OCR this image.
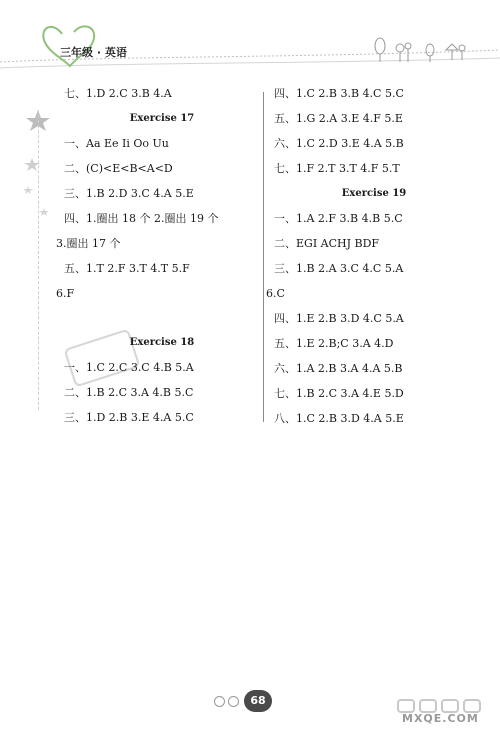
三年级 · 英语
七、1.D 2.C 3.B 4.A
Exercise 17
一、Aa Ee Ii Oo Uu
二、(C)<E<B<A<D
三、1.B 2.D 3.C 4.A 5.E
四、1.圈出 18 个 2.圈出 19 个
3.圈出 17 个
五、1.T 2.F 3.T 4.T 5.F
6.F
Exercise 18
一、1.C 2.C 3.C 4.B 5.A
二、1.B 2.C 3.A 4.B 5.C
三、1.D 2.B 3.E 4.A 5.C
四、1.C 2.B 3.B 4.C 5.C
五、1.G 2.A 3.E 4.F 5.E
六、1.C 2.D 3.E 4.A 5.B
七、1.F 2.T 3.T 4.F 5.T
Exercise 19
一、1.A 2.F 3.B 4.B 5.C
二、EGI ACHJ BDF
三、1.B 2.A 3.C 4.C 5.A
6.C
四、1.E 2.B 3.D 4.C 5.A
五、1.E 2.B;C 3.A 4.D
六、1.A 2.B 3.A 4.A 5.B
七、1.B 2.C 3.A 4.E 5.D
八、1.C 2.B 3.D 4.A 5.E
68
MXQE.COM
